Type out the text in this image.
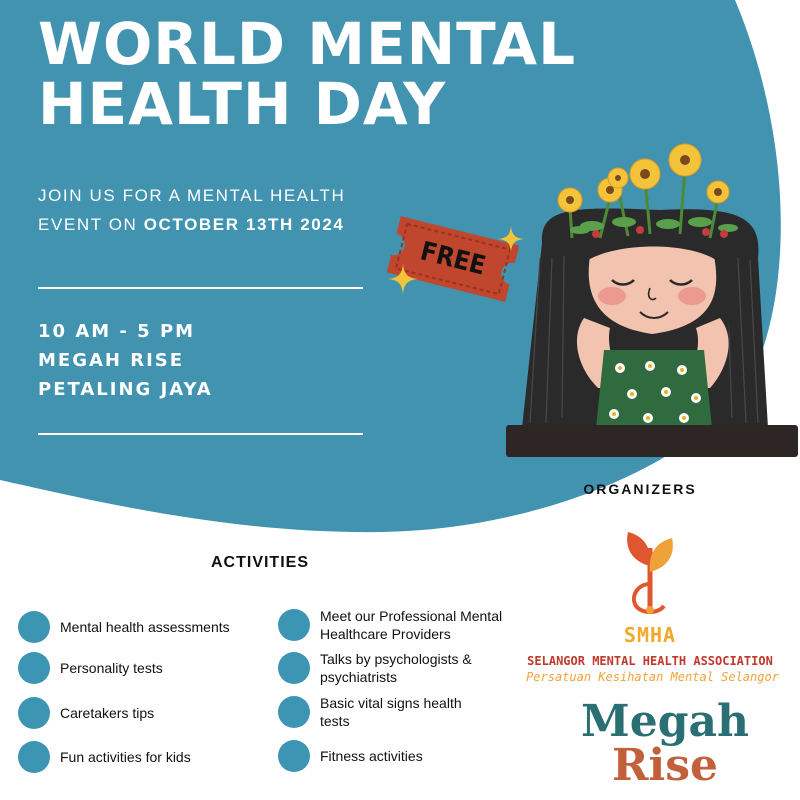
WORLD MENTAL
HEALTH DAY
JOIN US FOR A MENTAL HEALTH
EVENT ON OCTOBER 13TH 2024
10 AM - 5 PM
MEGAH RISE
PETALING JAYA
FREE
ORGANIZERS
ACTIVITIES
Mental health assessments
Personality tests
Caretakers tips
Fun activities for kids
Meet our Professional Mental
Healthcare Providers
Talks by psychologists &
psychiatrists
Basic vital signs health
tests
Fitness activities
SMHA
SELANGOR MENTAL HEALTH ASSOCIATION
Persatuan Kesihatan Mental Selangor
Megah
Rise
